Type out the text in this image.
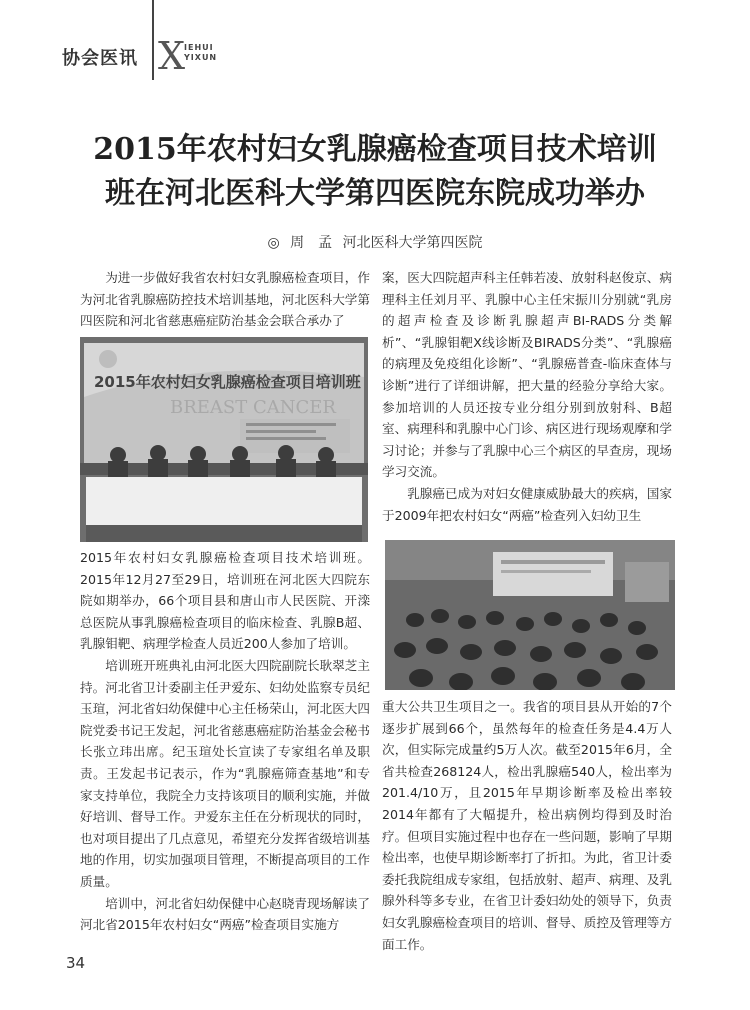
协会医讯 X
IEHUI
YIXUN
2015年农村妇女乳腺癌检查项目技术培训
班在河北医科大学第四医院东院成功举办
◎ 周　孟 河北医科大学第四医院

为进一步做好我省农村妇女乳腺癌检查项目，作为河北省乳腺癌防控技术培训基地，河北医科大学第四医院和河北省慈惠癌症防治基金会联合承办了

2015年农村妇女乳腺癌检查项目培训班
BREAST CANCER

2015年农村妇女乳腺癌检查项目技术培训班。2015年12月27至29日，培训班在河北医大四院东院如期举办，66个项目县和唐山市人民医院、开滦总医院从事乳腺癌检查项目的临床检查、乳腺B超、乳腺钼靶、病理学检查人员近200人参加了培训。

培训班开班典礼由河北医大四院副院长耿翠芝主持。河北省卫计委副主任尹爱东、妇幼处监察专员纪玉瑄，河北省妇幼保健中心主任杨荣山，河北医大四院党委书记王发起，河北省慈惠癌症防治基金会秘书长张立玮出席。纪玉瑄处长宣读了专家组名单及职责。王发起书记表示，作为“乳腺癌筛查基地”和专家支持单位，我院全力支持该项目的顺利实施，并做好培训、督导工作。尹爱东主任在分析现状的同时，也对项目提出了几点意见，希望充分发挥省级培训基地的作用，切实加强项目管理，不断提高项目的工作质量。

培训中，河北省妇幼保健中心赵晓青现场解读了河北省2015年农村妇女“两癌”检查项目实施方

案，医大四院超声科主任韩若凌、放射科赵俊京、病理科主任刘月平、乳腺中心主任宋振川分别就“乳房的超声检查及诊断乳腺超声BI-RADS分类解析”、“乳腺钼靶X线诊断及BIRADS分类”、“乳腺癌的病理及免疫组化诊断”、“乳腺癌普查-临床查体与诊断”进行了详细讲解，把大量的经验分享给大家。参加培训的人员还按专业分组分别到放射科、B超室、病理科和乳腺中心门诊、病区进行现场观摩和学习讨论；并参与了乳腺中心三个病区的早查房，现场学习交流。

乳腺癌已成为对妇女健康威胁最大的疾病，国家于2009年把农村妇女“两癌”检查列入妇幼卫生

重大公共卫生项目之一。我省的项目县从开始的7个逐步扩展到66个，虽然每年的检查任务是4.4万人次，但实际完成量约5万人次。截至2015年6月，全省共检查268124人，检出乳腺癌540人，检出率为201.4/10万，且2015年早期诊断率及检出率较2014年都有了大幅提升，检出病例均得到及时治疗。但项目实施过程中也存在一些问题，影响了早期检出率，也使早期诊断率打了折扣。为此，省卫计委委托我院组成专家组，包括放射、超声、病理、及乳腺外科等多专业，在省卫计委妇幼处的领导下，负责妇女乳腺癌检查项目的培训、督导、质控及管理等方面工作。

34
